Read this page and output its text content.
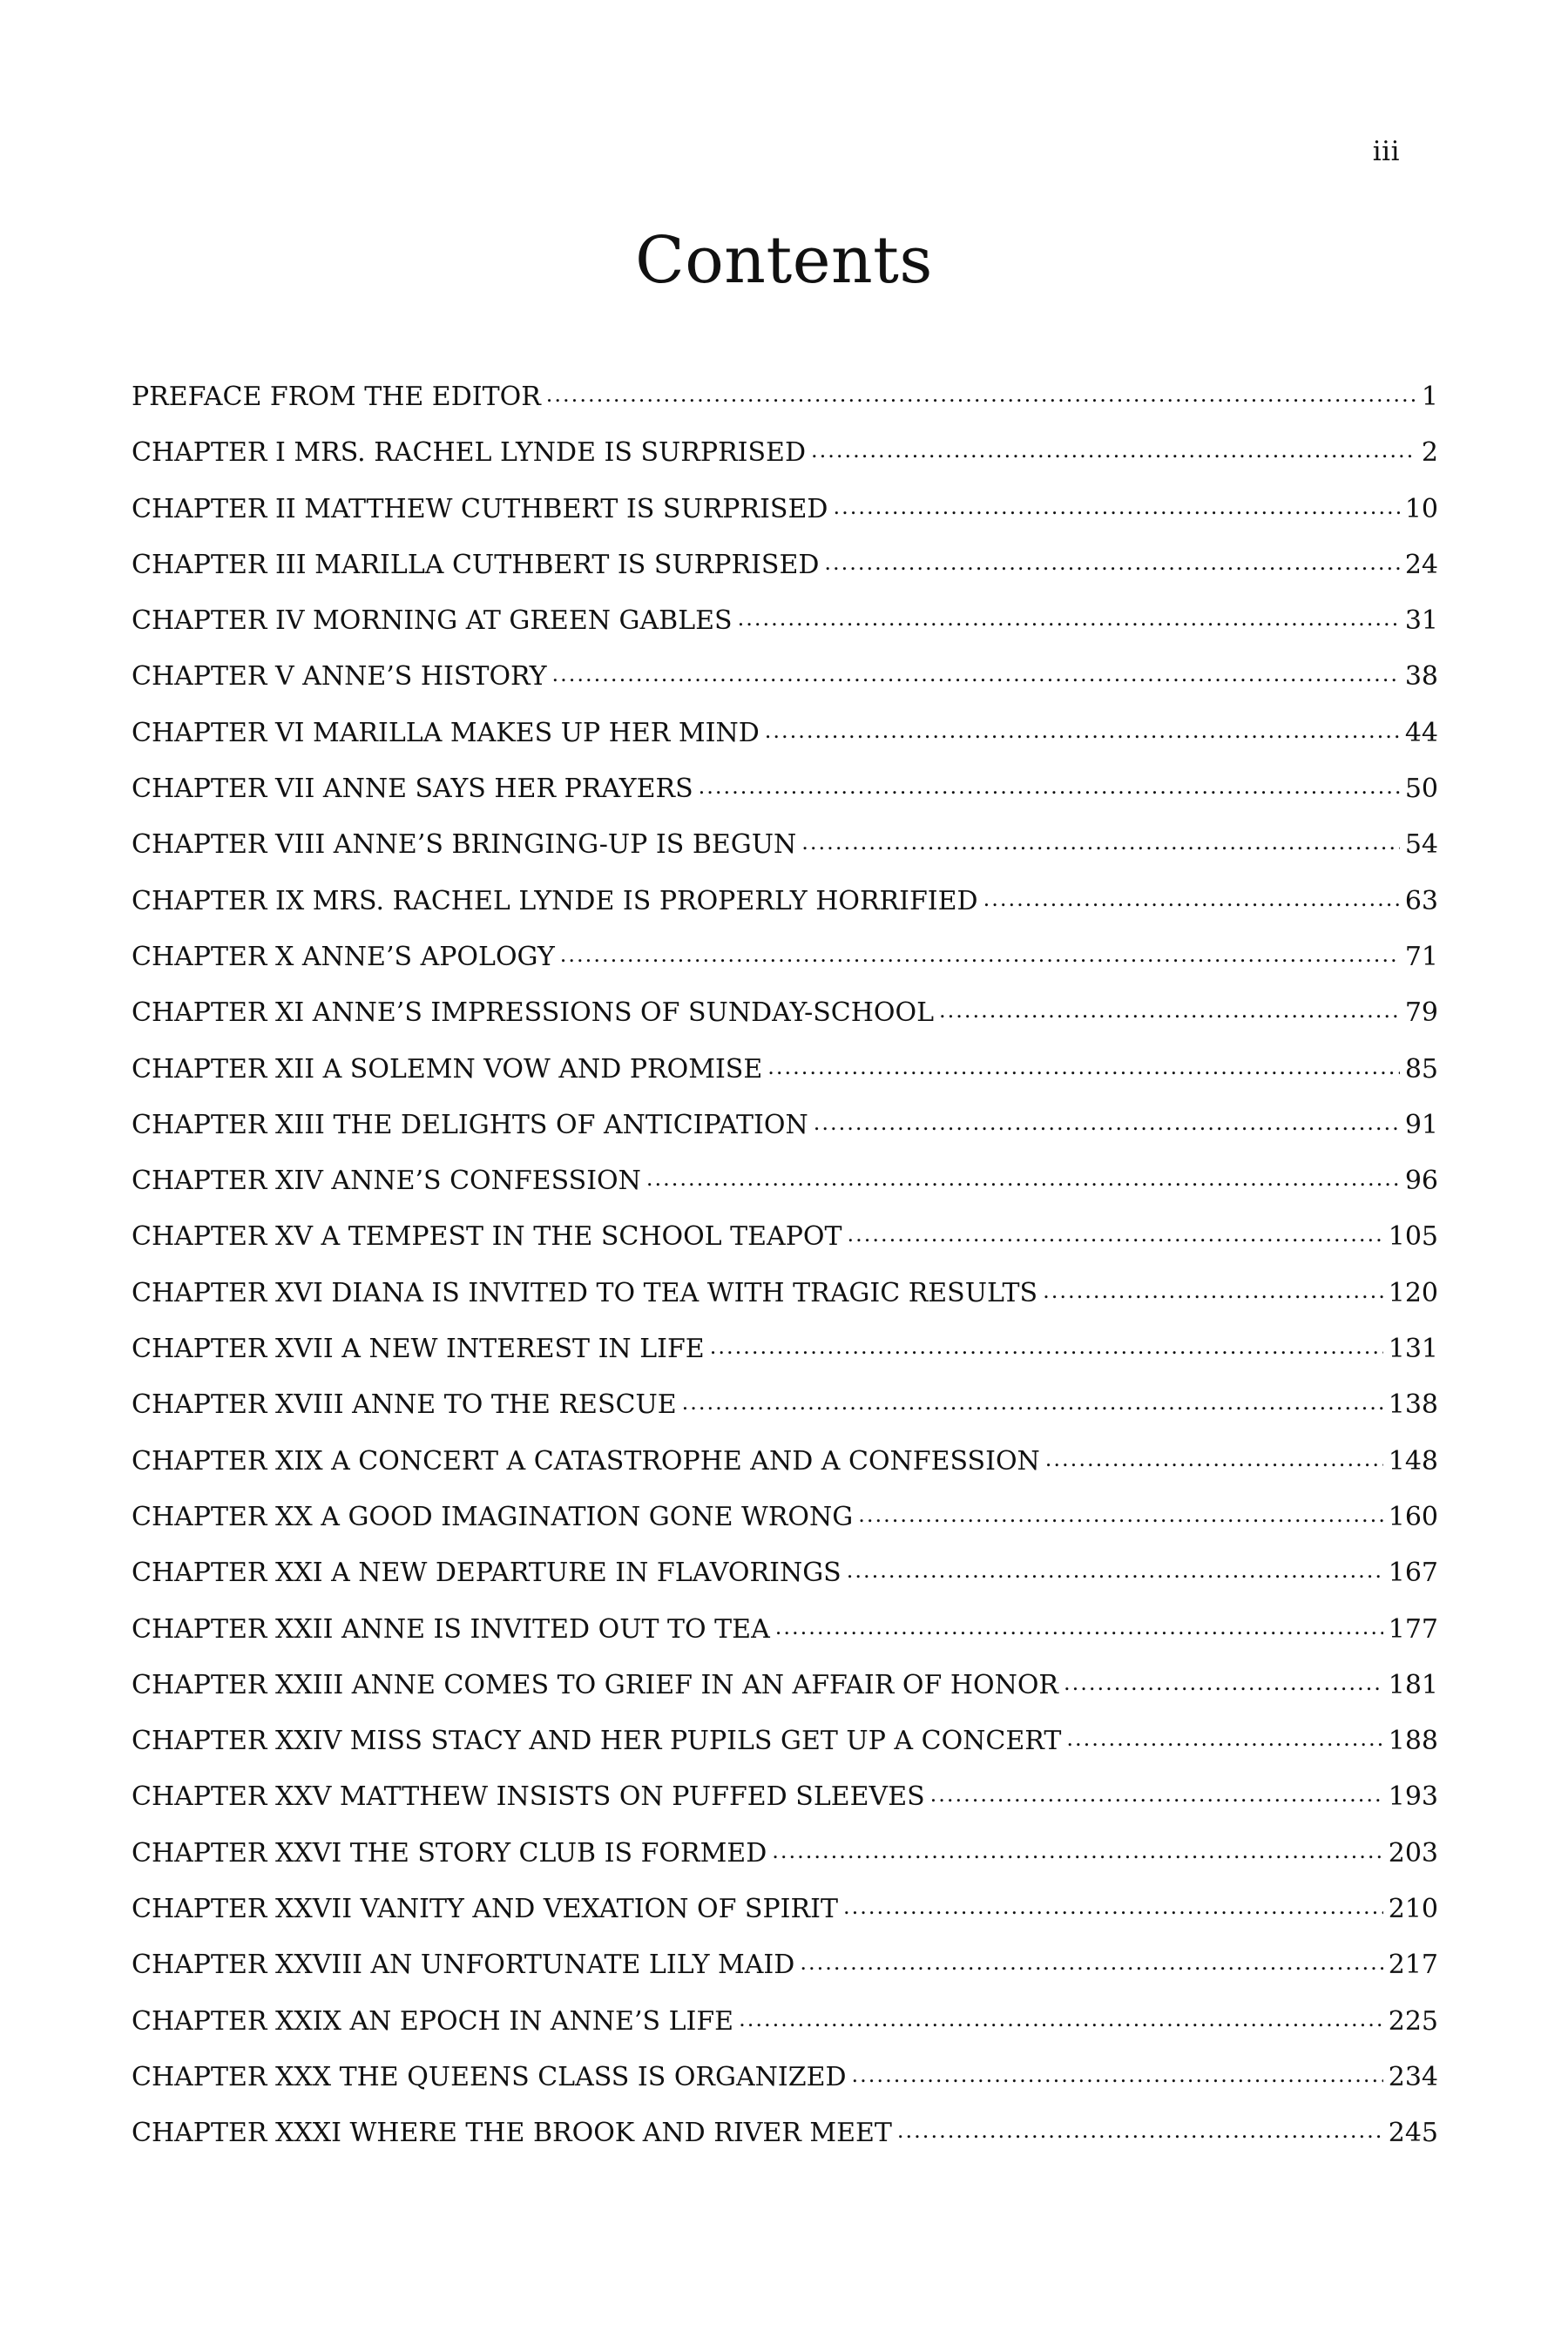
iii
Contents
PREFACE FROM THE EDITOR .....	1
CHAPTER I MRS. RACHEL LYNDE IS SURPRISED .....	2
CHAPTER II MATTHEW CUTHBERT IS SURPRISED .....	10
CHAPTER III MARILLA CUTHBERT IS SURPRISED .....	24
CHAPTER IV MORNING AT GREEN GABLES .....	31
CHAPTER V ANNE’S HISTORY .....	38
CHAPTER VI MARILLA MAKES UP HER MIND .....	44
CHAPTER VII ANNE SAYS HER PRAYERS .....	50
CHAPTER VIII ANNE’S BRINGING-UP IS BEGUN .....	54
CHAPTER IX MRS. RACHEL LYNDE IS PROPERLY HORRIFIED .....	63
CHAPTER X ANNE’S APOLOGY .....	71
CHAPTER XI ANNE’S IMPRESSIONS OF SUNDAY-SCHOOL .....	79
CHAPTER XII A SOLEMN VOW AND PROMISE .....	85
CHAPTER XIII THE DELIGHTS OF ANTICIPATION .....	91
CHAPTER XIV ANNE’S CONFESSION .....	96
CHAPTER XV A TEMPEST IN THE SCHOOL TEAPOT .....	105
CHAPTER XVI DIANA IS INVITED TO TEA WITH TRAGIC RESULTS .....	120
CHAPTER XVII A NEW INTEREST IN LIFE .....	131
CHAPTER XVIII ANNE TO THE RESCUE .....	138
CHAPTER XIX A CONCERT A CATASTROPHE AND A CONFESSION .....	148
CHAPTER XX A GOOD IMAGINATION GONE WRONG .....	160
CHAPTER XXI A NEW DEPARTURE IN FLAVORINGS .....	167
CHAPTER XXII ANNE IS INVITED OUT TO TEA .....	177
CHAPTER XXIII ANNE COMES TO GRIEF IN AN AFFAIR OF HONOR .....	181
CHAPTER XXIV MISS STACY AND HER PUPILS GET UP A CONCERT .....	188
CHAPTER XXV MATTHEW INSISTS ON PUFFED SLEEVES .....	193
CHAPTER XXVI THE STORY CLUB IS FORMED .....	203
CHAPTER XXVII VANITY AND VEXATION OF SPIRIT .....	210
CHAPTER XXVIII AN UNFORTUNATE LILY MAID .....	217
CHAPTER XXIX AN EPOCH IN ANNE’S LIFE .....	225
CHAPTER XXX THE QUEENS CLASS IS ORGANIZED .....	234
CHAPTER XXXI WHERE THE BROOK AND RIVER MEET .....	245
